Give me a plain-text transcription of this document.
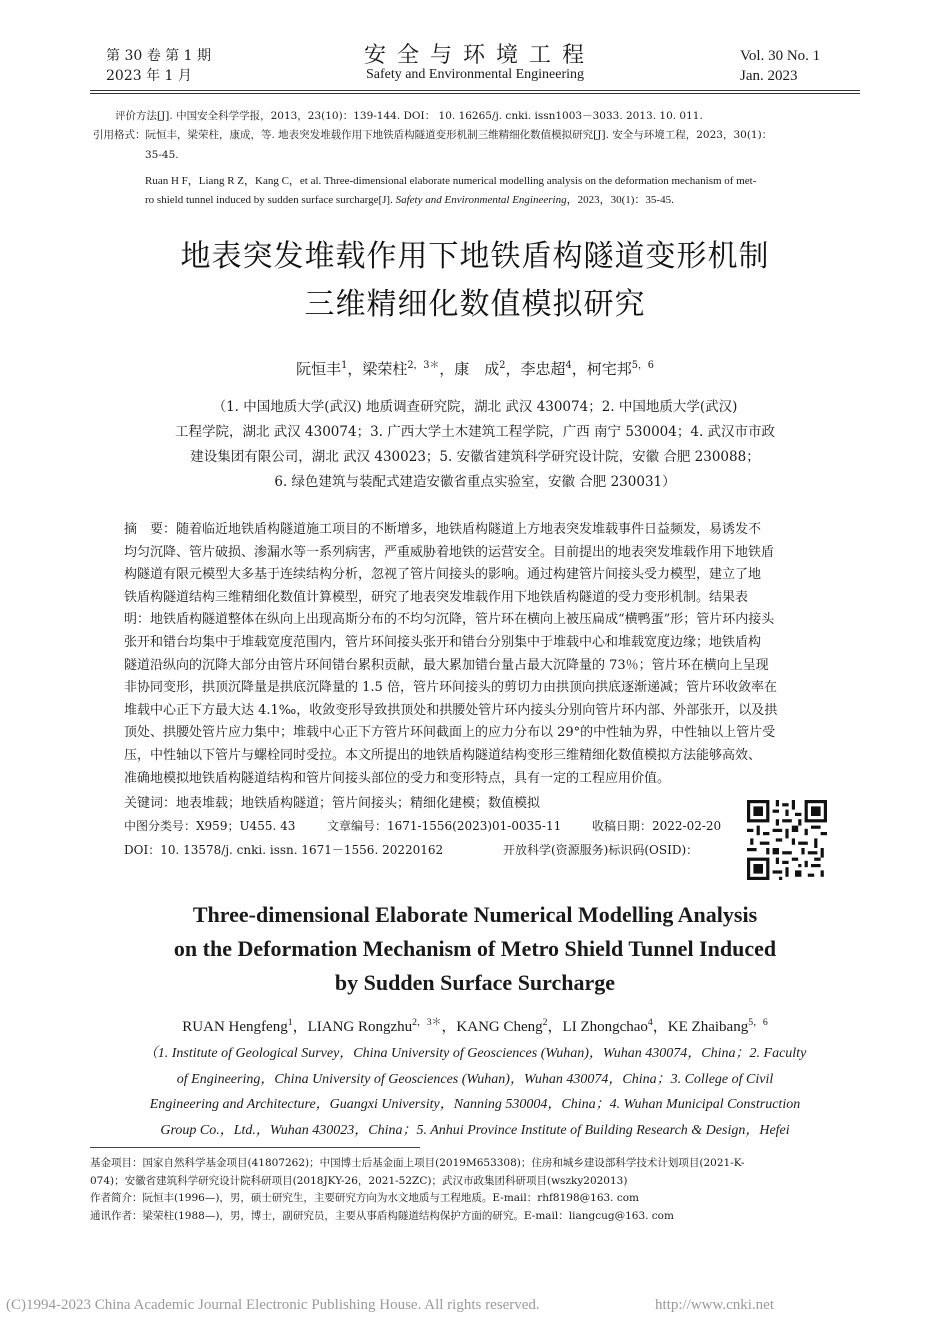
第 30 卷 第 1 期
2023 年 1 月
安 全 与 环 境 工 程
Safety and Environmental Engineering
Vol. 30 No. 1
Jan. 2023
评价方法[J]. 中国安全科学学报，2013，23(10)：139-144. DOI： 10. 16265/j. cnki. issn1003－3033. 2013. 10. 011.
引用格式：阮恒丰，梁荣柱，康成，等. 地表突发堆载作用下地铁盾构隧道变形机制三维精细化数值模拟研究[J]. 安全与环境工程，2023，30(1)：
35-45.
Ruan H F，Liang R Z，Kang C，et al. Three-dimensional elaborate numerical modelling analysis on the deformation mechanism of met-
ro shield tunnel induced by sudden surface surcharge[J]. Safety and Environmental Engineering，2023，30(1)：35-45.
地表突发堆载作用下地铁盾构隧道变形机制
三维精细化数值模拟研究
阮恒丰$^1$，梁荣柱$^{2,3*}$，康　成$^2$，李忠超$^4$，柯宅邦$^{5,6}$
（1. 中国地质大学(武汉) 地质调查研究院，湖北 武汉 430074；2. 中国地质大学(武汉)
工程学院，湖北 武汉 430074；3. 广西大学土木建筑工程学院，广西 南宁 530004；4. 武汉市市政
建设集团有限公司，湖北 武汉 430023；5. 安徽省建筑科学研究设计院，安徽 合肥 230088；
6. 绿色建筑与装配式建造安徽省重点实验室，安徽 合肥 230031）
摘　要：随着临近地铁盾构隧道施工项目的不断增多，地铁盾构隧道上方地表突发堆载事件日益频发，易诱发不
均匀沉降、管片破损、渗漏水等一系列病害，严重威胁着地铁的运营安全。目前提出的地表突发堆载作用下地铁盾
构隧道有限元模型大多基于连续结构分析，忽视了管片间接头的影响。通过构建管片间接头受力模型，建立了地
铁盾构隧道结构三维精细化数值计算模型，研究了地表突发堆载作用下地铁盾构隧道的受力变形机制。结果表
明：地铁盾构隧道整体在纵向上出现高斯分布的不均匀沉降，管片环在横向上被压扁成“横鸭蛋”形；管片环内接头
张开和错台均集中于堆载宽度范围内，管片环间接头张开和错台分别集中于堆载中心和堆载宽度边缘；地铁盾构
隧道沿纵向的沉降大部分由管片环间错台累积贡献，最大累加错台量占最大沉降量的 73％；管片环在横向上呈现
非协同变形，拱顶沉降量是拱底沉降量的 1.5 倍，管片环间接头的剪切力由拱顶向拱底逐渐递减；管片环收敛率在
堆载中心正下方最大达 4.1‰，收敛变形导致拱顶处和拱腰处管片环内接头分别向管片环内部、外部张开，以及拱
顶处、拱腰处管片应力集中；堆载中心正下方管片环间截面上的应力分布以 29°的中性轴为界，中性轴以上管片受
压，中性轴以下管片与螺栓同时受拉。本文所提出的地铁盾构隧道结构变形三维精细化数值模拟方法能够高效、
准确地模拟地铁盾构隧道结构和管片间接头部位的受力和变形特点，具有一定的工程应用价值。
关键词：地表堆载；地铁盾构隧道；管片间接头；精细化建模；数值模拟
中图分类号：X959；U455. 43	文章编号：1671-1556(2023)01-0035-11	收稿日期：2022-02-20
DOI：10. 13578/j. cnki. issn. 1671－1556. 20220162	开放科学(资源服务)标识码(OSID)：
Three-dimensional Elaborate Numerical Modelling Analysis
on the Deformation Mechanism of Metro Shield Tunnel Induced
by Sudden Surface Surcharge
RUAN Hengfeng$^1$，LIANG Rongzhu$^{2,3*}$，KANG Cheng$^2$，LI Zhongchao$^4$，KE Zhaibang$^{5,6}$
（1. Institute of Geological Survey，China University of Geosciences (Wuhan)，Wuhan 430074，China；2. Faculty
of Engineering，China University of Geosciences (Wuhan)，Wuhan 430074，China；3. College of Civil
Engineering and Architecture，Guangxi University，Nanning 530004，China；4. Wuhan Municipal Construction
Group Co.，Ltd.，Wuhan 430023，China；5. Anhui Province Institute of Building Research & Design，Hefei
基金项目：国家自然科学基金项目(41807262)；中国博士后基金面上项目(2019M653308)；住房和城乡建设部科学技术计划项目(2021-K-
074)；安徽省建筑科学研究设计院科研项目(2018JKY-26，2021-52ZC)；武汉市政集团科研项目(wszky202013)
作者简介：阮恒丰(1996—)，男，硕士研究生，主要研究方向为水文地质与工程地质。E-mail：rhf8198@163. com
通讯作者：梁荣柱(1988—)，男，博士，副研究员，主要从事盾构隧道结构保护方面的研究。E-mail：liangcug@163. com
(C)1994-2023 China Academic Journal Electronic Publishing House. All rights reserved.	http://www.cnki.net
